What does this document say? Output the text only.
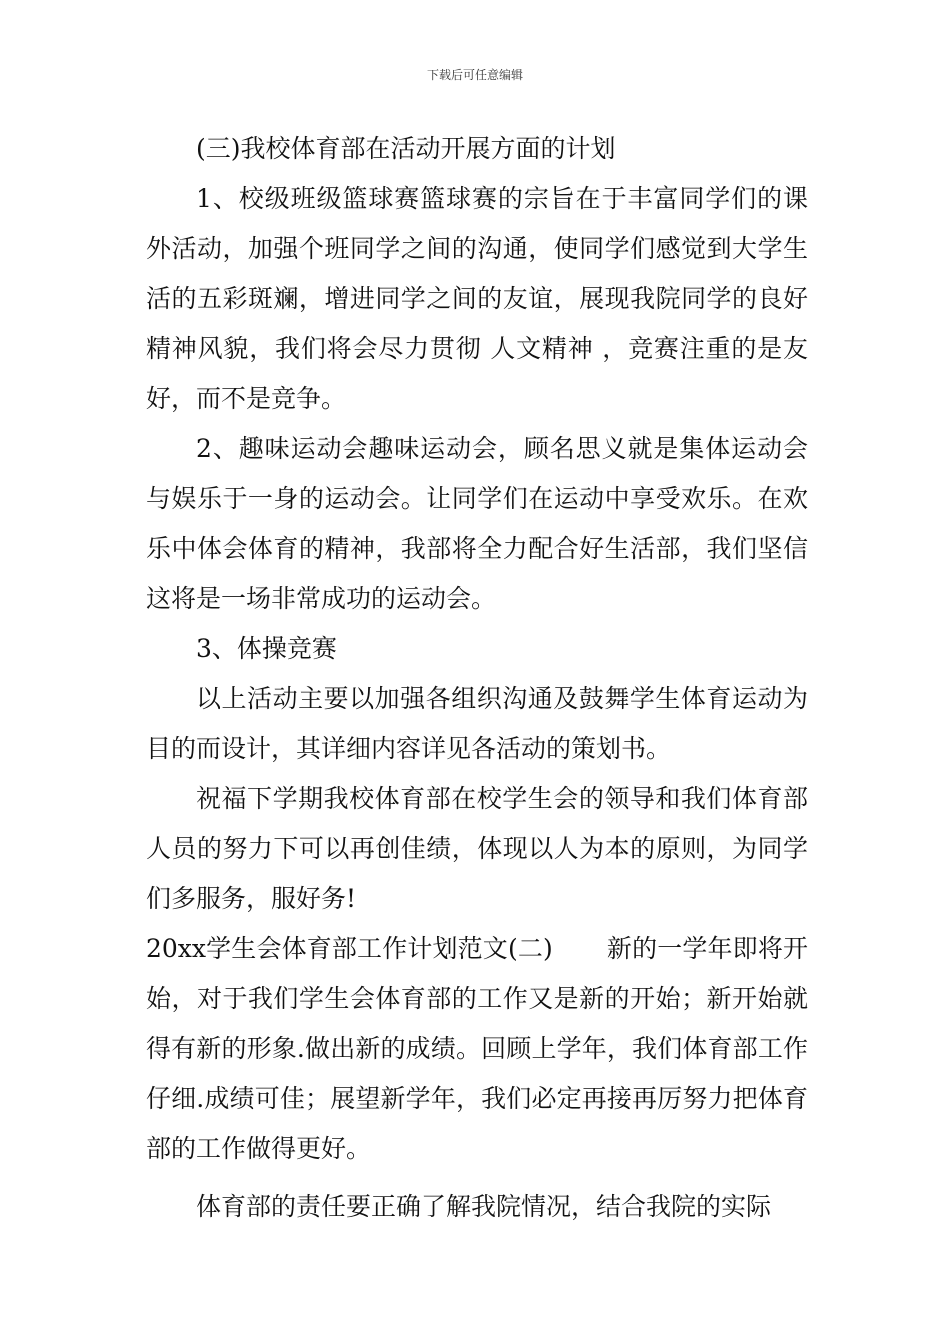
下载后可任意编辑

(三)我校体育部在活动开展方面的计划

1、校级班级篮球赛篮球赛的宗旨在于丰富同学们的课外活动，加强个班同学之间的沟通，使同学们感觉到大学生活的五彩斑斓，增进同学之间的友谊，展现我院同学的良好精神风貌，我们将会尽力贯彻 人文精神 ，竞赛注重的是友好，而不是竞争。

2、趣味运动会趣味运动会，顾名思义就是集体运动会与娱乐于一身的运动会。让同学们在运动中享受欢乐。在欢乐中体会体育的精神，我部将全力配合好生活部，我们坚信这将是一场非常成功的运动会。

3、体操竞赛

以上活动主要以加强各组织沟通及鼓舞学生体育运动为目的而设计，其详细内容详见各活动的策划书。

祝福下学期我校体育部在校学生会的领导和我们体育部人员的努力下可以再创佳绩，体现以人为本的原则，为同学们多服务，服好务!

20xx学生会体育部工作计划范文(二) 新的一学年即将开始，对于我们学生会体育部的工作又是新的开始；新开始就得有新的形象.做出新的成绩。回顾上学年，我们体育部工作仔细.成绩可佳；展望新学年，我们必定再接再厉努力把体育部的工作做得更好。

体育部的责任要正确了解我院情况，结合我院的实际
